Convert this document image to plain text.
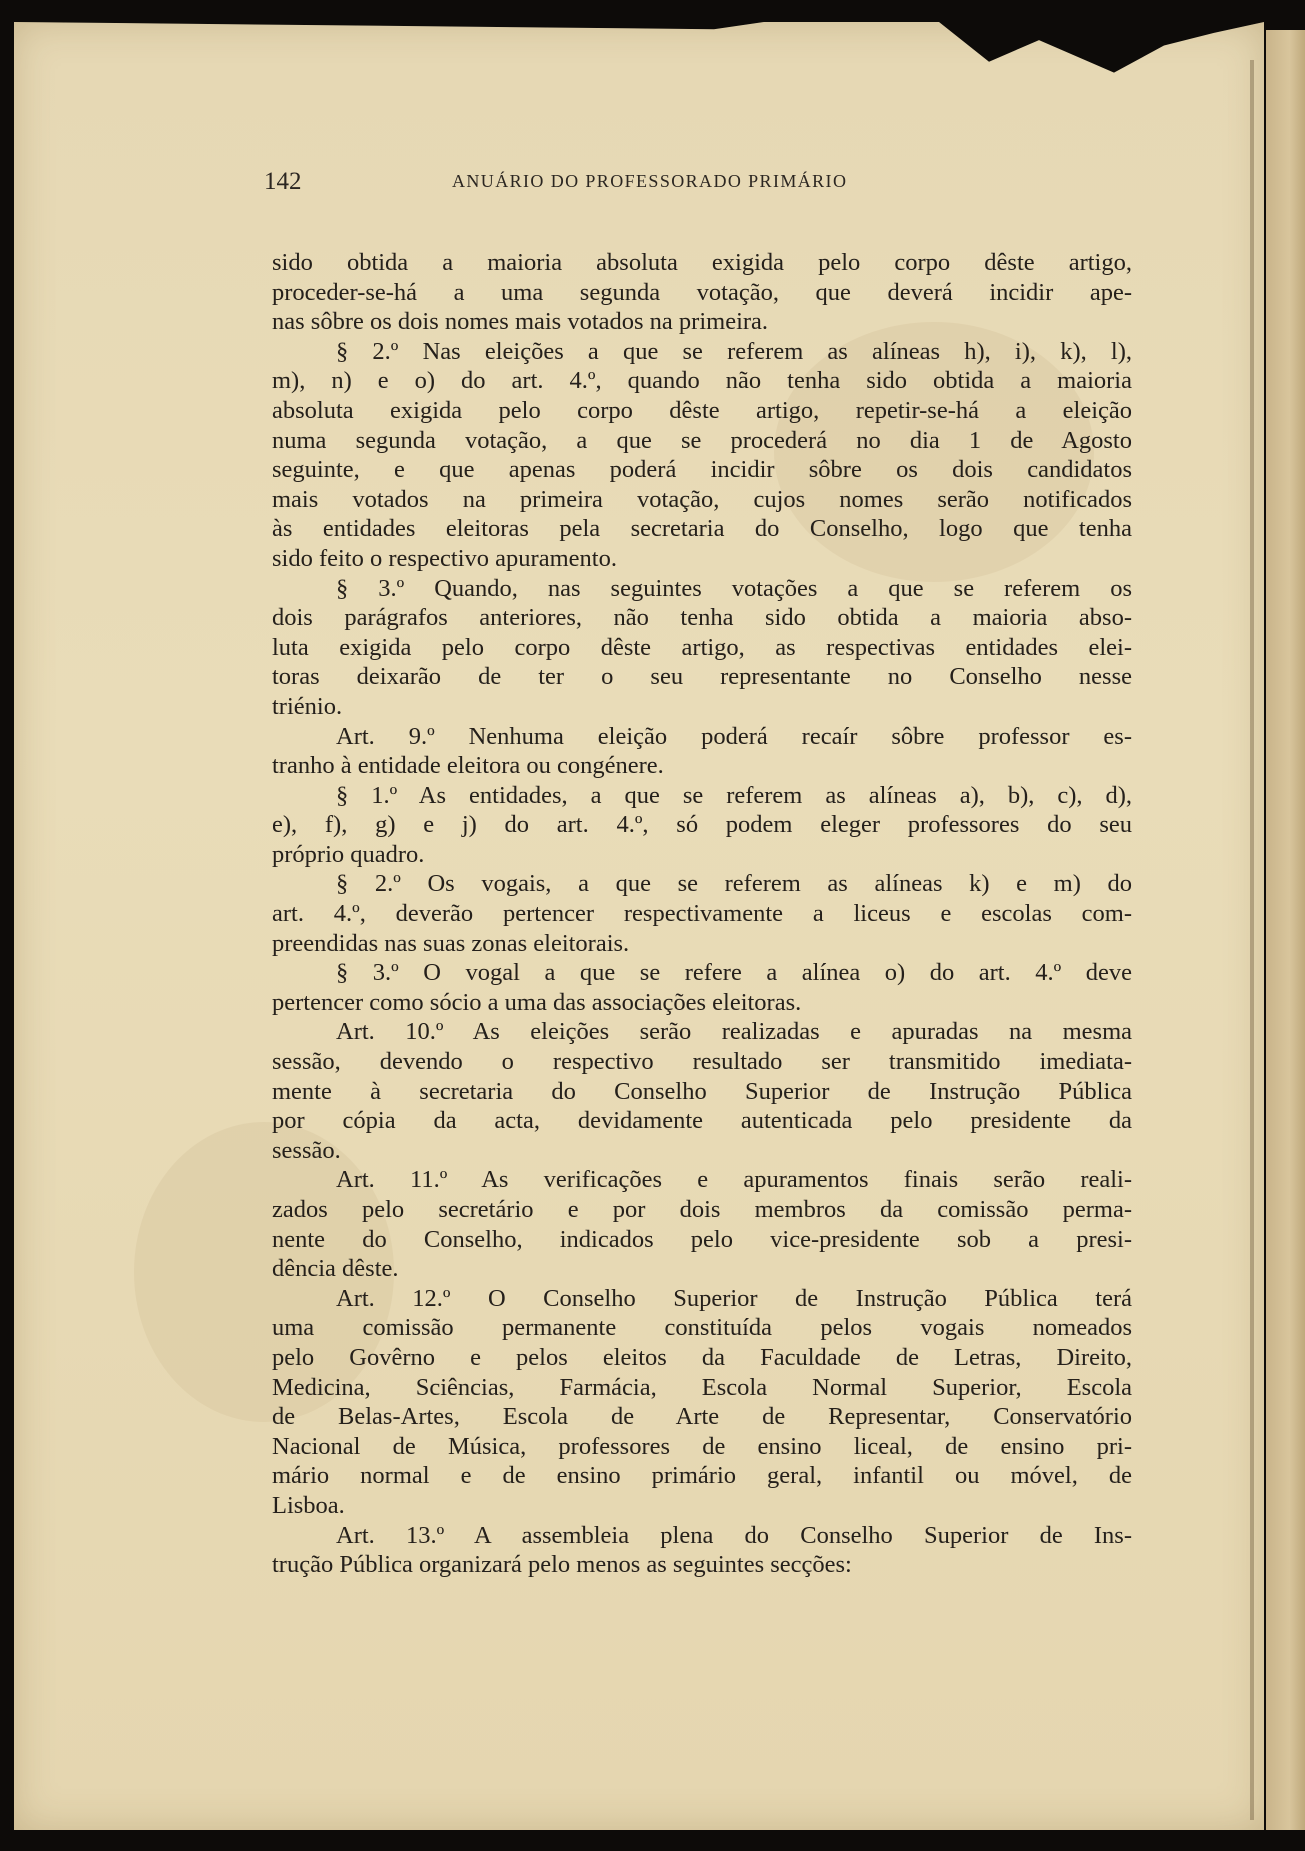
142	ANUÁRIO DO PROFESSORADO PRIMÁRIO
sido obtida a maioria absoluta exigida pelo corpo dêste artigo,
proceder-se-há a uma segunda votação, que deverá incidir ape-
nas sôbre os dois nomes mais votados na primeira.
§ 2.º Nas eleições a que se referem as alíneas h), i), k), l),
m), n) e o) do art. 4.º, quando não tenha sido obtida a maioria
absoluta exigida pelo corpo dêste artigo, repetir-se-há a eleição
numa segunda votação, a que se procederá no dia 1 de Agosto
seguinte, e que apenas poderá incidir sôbre os dois candidatos
mais votados na primeira votação, cujos nomes serão notificados
às entidades eleitoras pela secretaria do Conselho, logo que tenha
sido feito o respectivo apuramento.
§ 3.º Quando, nas seguintes votações a que se referem os
dois parágrafos anteriores, não tenha sido obtida a maioria abso-
luta exigida pelo corpo dêste artigo, as respectivas entidades elei-
toras deixarão de ter o seu representante no Conselho nesse
triénio.
Art. 9.º Nenhuma eleição poderá recaír sôbre professor es-
tranho à entidade eleitora ou congénere.
§ 1.º As entidades, a que se referem as alíneas a), b), c), d),
e), f), g) e j) do art. 4.º, só podem eleger professores do seu
próprio quadro.
§ 2.º Os vogais, a que se referem as alíneas k) e m) do
art. 4.º, deverão pertencer respectivamente a liceus e escolas com-
preendidas nas suas zonas eleitorais.
§ 3.º O vogal a que se refere a alínea o) do art. 4.º deve
pertencer como sócio a uma das associações eleitoras.
Art. 10.º As eleições serão realizadas e apuradas na mesma
sessão, devendo o respectivo resultado ser transmitido imediata-
mente à secretaria do Conselho Superior de Instrução Pública
por cópia da acta, devidamente autenticada pelo presidente da
sessão.
Art. 11.º As verificações e apuramentos finais serão reali-
zados pelo secretário e por dois membros da comissão perma-
nente do Conselho, indicados pelo vice-presidente sob a presi-
dência dêste.
Art. 12.º O Conselho Superior de Instrução Pública terá
uma comissão permanente constituída pelos vogais nomeados
pelo Govêrno e pelos eleitos da Faculdade de Letras, Direito,
Medicina, Sciências, Farmácia, Escola Normal Superior, Escola
de Belas-Artes, Escola de Arte de Representar, Conservatório
Nacional de Música, professores de ensino liceal, de ensino pri-
mário normal e de ensino primário geral, infantil ou móvel, de
Lisboa.
Art. 13.º A assembleia plena do Conselho Superior de Ins-
trução Pública organizará pelo menos as seguintes secções:
